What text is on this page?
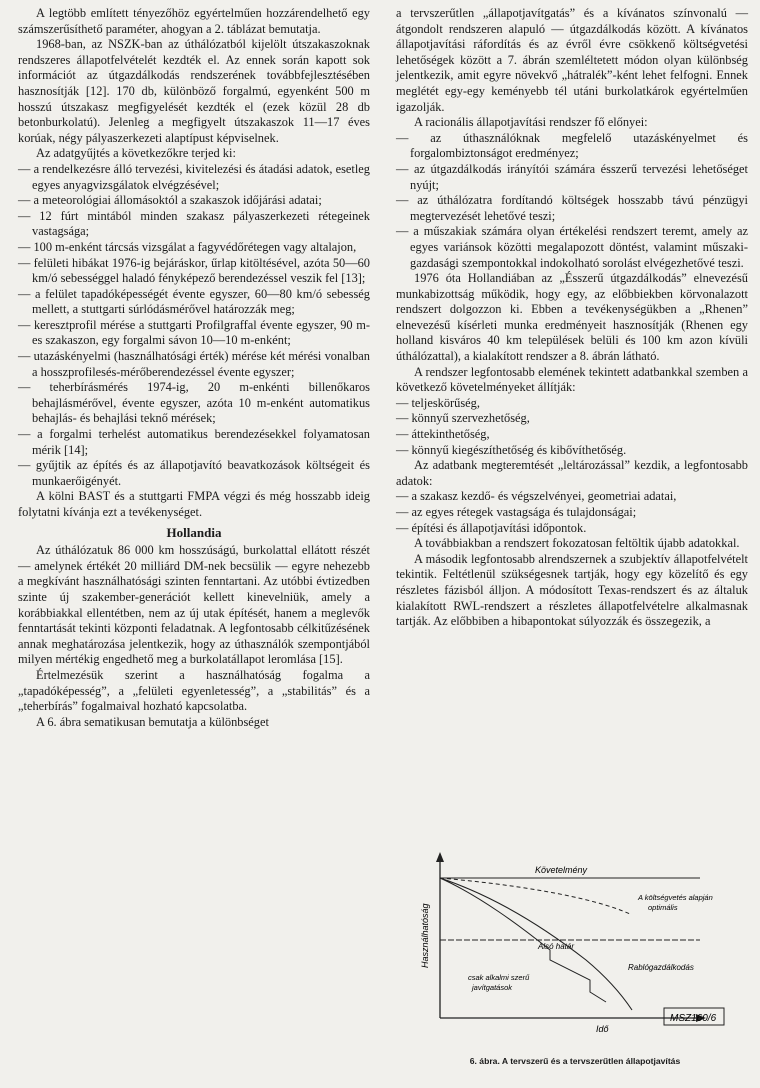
A legtöbb említett tényezőhöz egyértelműen hozzárendelhető egy számszerűsíthető paraméter, ahogyan a 2. táblázat bemutatja.

1968-ban, az NSZK-ban az úthálózatból kijelölt útszakaszoknak rendszeres állapotfelvételét kezdték el. Az ennek során kapott sok információt az útgazdálkodás rendszerének továbbfejlesztésében hasznosítják [12]. 170 db, különböző forgalmú, egyenként 500 m hosszú útszakasz megfigyelését kezdték el (ezek közül 28 db betonburkolatú). Jelenleg a megfigyelt útszakaszok 11—17 éves korúak, négy pályaszerkezeti alaptípust képviselnek.

Az adatgyűjtés a következőkre terjed ki:

— a rendelkezésre álló tervezési, kivitelezési és átadási adatok, esetleg egyes anyagvizsgálatok elvégzésével;

— a meteorológiai állomásoktól a szakaszok időjárási adatai;

— 12 fúrt mintából minden szakasz pályaszerkezeti rétegeinek vastagsága;

— 100 m-enként tárcsás vizsgálat a fagyvédőrétegen vagy altalajon,

— felületi hibákat 1976-ig bejáráskor, űrlap kitöltésével, azóta 50—60 km/ó sebességgel haladó fényképező berendezéssel veszik fel [13];

— a felület tapadóképességét évente egyszer, 60—80 km/ó sebesség mellett, a stuttgarti súrlódásmérővel határozzák meg;

— keresztprofil mérése a stuttgarti Profilgraffal évente egyszer, 90 m-es szakaszon, egy forgalmi sávon 10—10 m-enként;

— utazáskényelmi (használhatósági érték) mérése két mérési vonalban a hosszprofilesés-mérőberendezéssel évente egyszer;

— teherbírásmérés 1974-ig, 20 m-enkénti billenőkaros behajlásmérővel, évente egyszer, azóta 10 m-enként automatikus behajlás- és behajlási teknő mérések;

— a forgalmi terhelést automatikus berendezésekkel folyamatosan mérik [14];

— gyűjtik az építés és az állapotjavító beavatkozások költségeit és munkaerőigényét.

A kölni BAST és a stuttgarti FMPA végzi és még hosszabb ideig folytatni kívánja ezt a tevékenységet.

Hollandia

Az úthálózatuk 86 000 km hosszúságú, burkolattal ellátott részét — amelynek értékét 20 milliárd DM-nek becsülik — egyre nehezebb a megkívánt használhatósági szinten fenntartani. Az utóbbi évtizedben szinte új szakember-generációt kellett kinevelniük, amely a korábbiakkal ellentétben, nem az új utak építését, hanem a meglevők fenntartását tekinti központi feladatnak. A legfontosabb célkitűzésének annak meghatározása jelentkezik, hogy az úthasználók szempontjából milyen mértékig engedhető meg a burkolatállapot leromlása [15].

Értelmezésük szerint a használhatóság fogalma a „tapadóképesség”, a „felületi egyenletesség”, a „stabilitás” és a „teherbírás” fogalmaival hozható kapcsolatba.

A 6. ábra sematikusan bemutatja a különbséget

a tervszerűtlen „állapotjavítgatás” és a kívánatos színvonalú — átgondolt rendszeren alapuló — útgazdálkodás között. A kívánatos állapotjavítási ráfordítás és az évről évre csökkenő költségvetési lehetőségek között a 7. ábrán szemléltetett módon olyan különbség jelentkezik, amit egyre növekvő „hátralék”-ként lehet felfogni. Ennek meglétét egy-egy keményebb tél utáni burkolatkárok egyértelműen igazolják.

A racionális állapotjavítási rendszer fő előnyei:

— az úthasználóknak megfelelő utazáskényelmet és forgalombiztonságot eredményez;

— az útgazdálkodás irányítói számára ésszerű tervezési lehetőséget nyújt;

— az úthálózatra fordítandó költségek hosszabb távú pénzügyi megtervezését lehetővé teszi;

— a műszakiak számára olyan értékelési rendszert teremt, amely az egyes variánsok közötti megalapozott döntést, valamint műszaki-gazdasági szempontokkal indokolható sorolást elvégezhetővé teszi.

1976 óta Hollandiában az „Ésszerű útgazdálkodás” elnevezésű munkabizottság működik, hogy egy, az előbbiekben körvonalazott rendszert dolgozzon ki. Ebben a tevékenységükben a „Rhenen” elnevezésű kísérleti munka eredményeit hasznosítják (Rhenen egy holland kisváros 40 km települések belüli és 100 km azon kívüli úthálózattal), a kialakított rendszer a 8. ábrán látható.

A rendszer legfontosabb elemének tekintett adatbankkal szemben a következő követelményeket állítják:

— teljeskörűség,

— könnyű szervezhetőség,

— áttekinthetőség,

— könnyű kiegészíthetőség és kibővíthetőség.

Az adatbank megteremtését „leltározással” kezdik, a legfontosabb adatok:

— a szakasz kezdő- és végszelvényei, geometriai adatai,

— az egyes rétegek vastagsága és tulajdonságai;

— építési és állapotjavítási időpontok.

A továbbiakban a rendszert fokozatosan feltöltik újabb adatokkal.

A második legfontosabb alrendszernek a szubjektív állapotfelvételt tekintik. Feltétlenül szükségesnek tartják, hogy egy közelítő és egy részletes fázisból álljon. A módosított Texas-rendszert és az általuk kialakított RWL-rendszert a részletes állapotfelvételre alkalmasnak tartják. Az előbbiben a hibapontokat súlyozzák és összegezik, a

Használhatóság
Idő
Követelmény
A költségvetés alapján
optimális
Alsó határ
csak alkalmi szerű
javítgatások
Rablógazdálkodás
MSZ160/6
6. ábra. A tervszerű és a tervszerűtlen állapotjavítás
